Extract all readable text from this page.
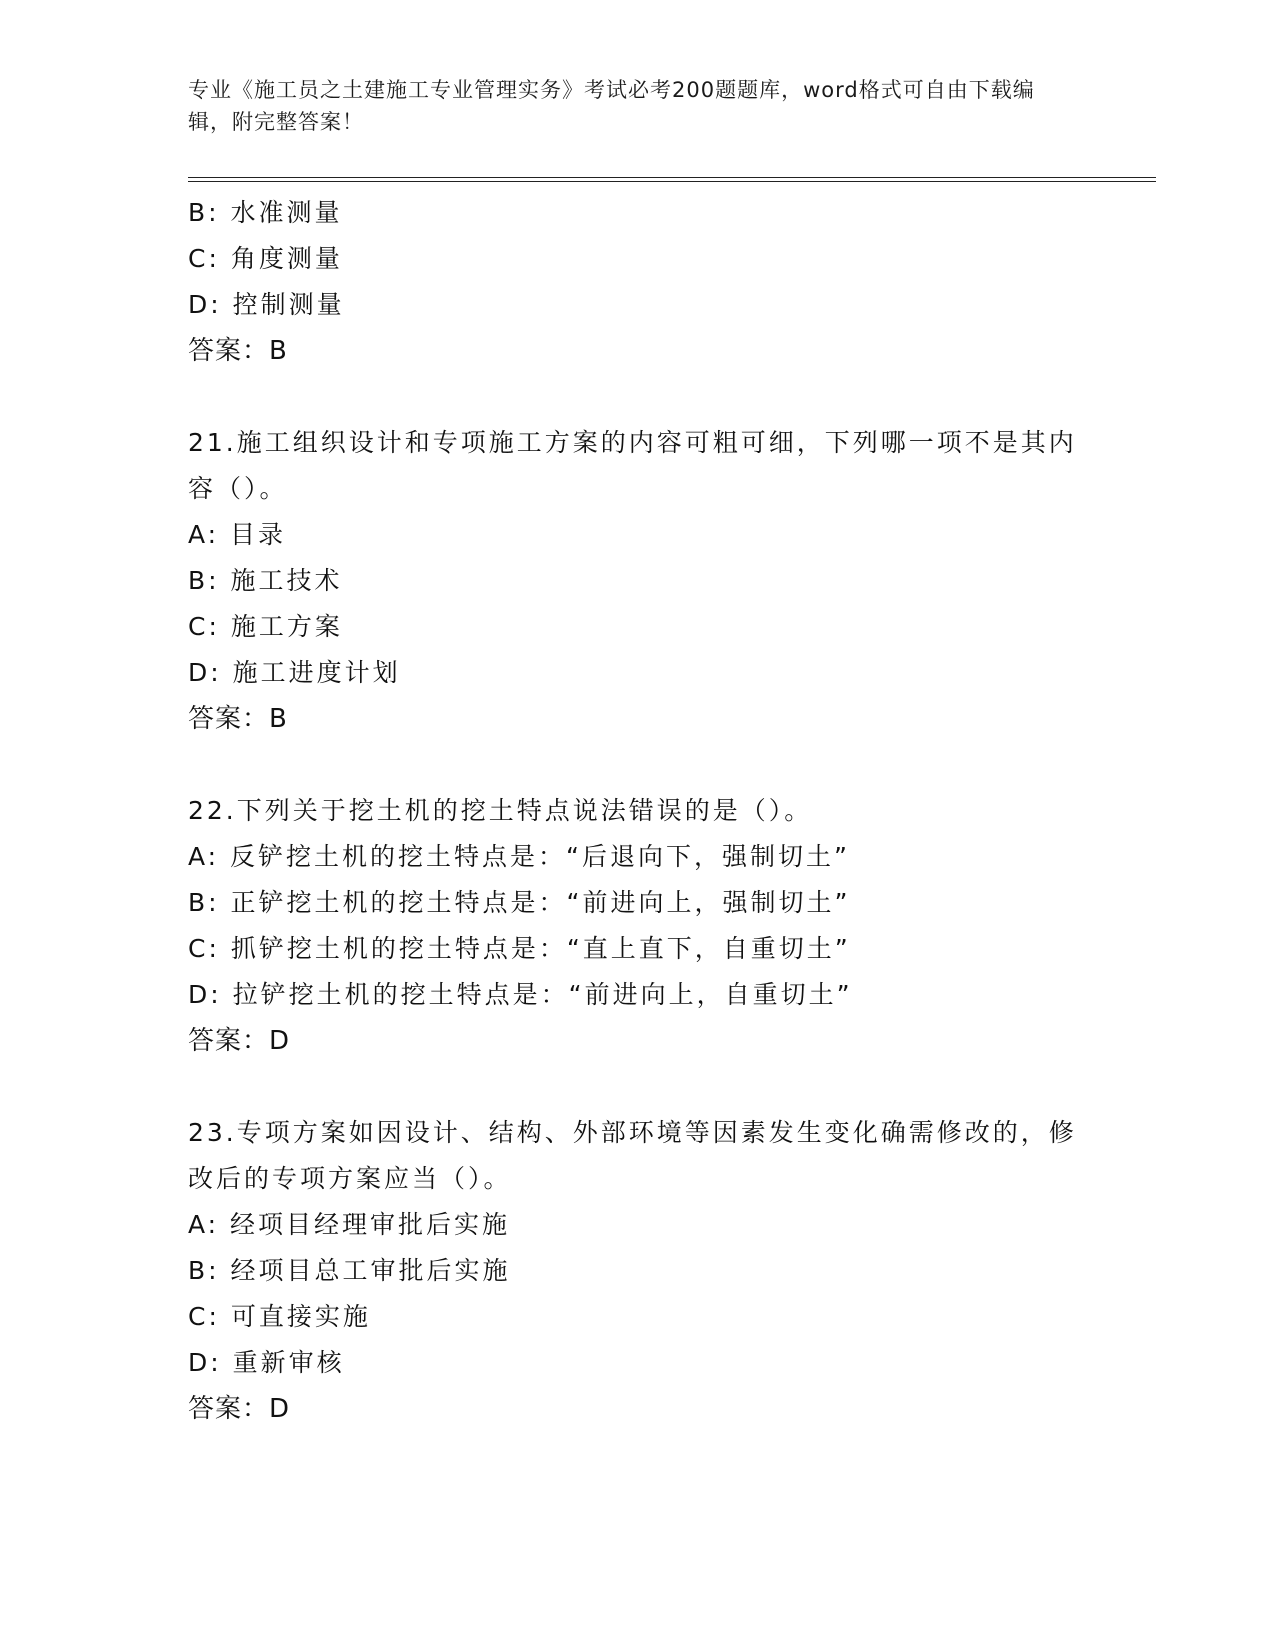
专业《施工员之土建施工专业管理实务》考试必考200题题库，word格式可自由下载编辑，附完整答案！
B: 水准测量
C: 角度测量
D: 控制测量
答案：B
21.施工组织设计和专项施工方案的内容可粗可细，下列哪一项不是其内容（）。
A: 目录
B: 施工技术
C: 施工方案
D: 施工进度计划
答案：B
22.下列关于挖土机的挖土特点说法错误的是（）。
A: 反铲挖土机的挖土特点是：“后退向下，强制切土”
B: 正铲挖土机的挖土特点是：“前进向上，强制切土”
C: 抓铲挖土机的挖土特点是：“直上直下，自重切土”
D: 拉铲挖土机的挖土特点是：“前进向上，自重切土”
答案：D
23.专项方案如因设计、结构、外部环境等因素发生变化确需修改的，修改后的专项方案应当（）。
A: 经项目经理审批后实施
B: 经项目总工审批后实施
C: 可直接实施
D: 重新审核
答案：D
